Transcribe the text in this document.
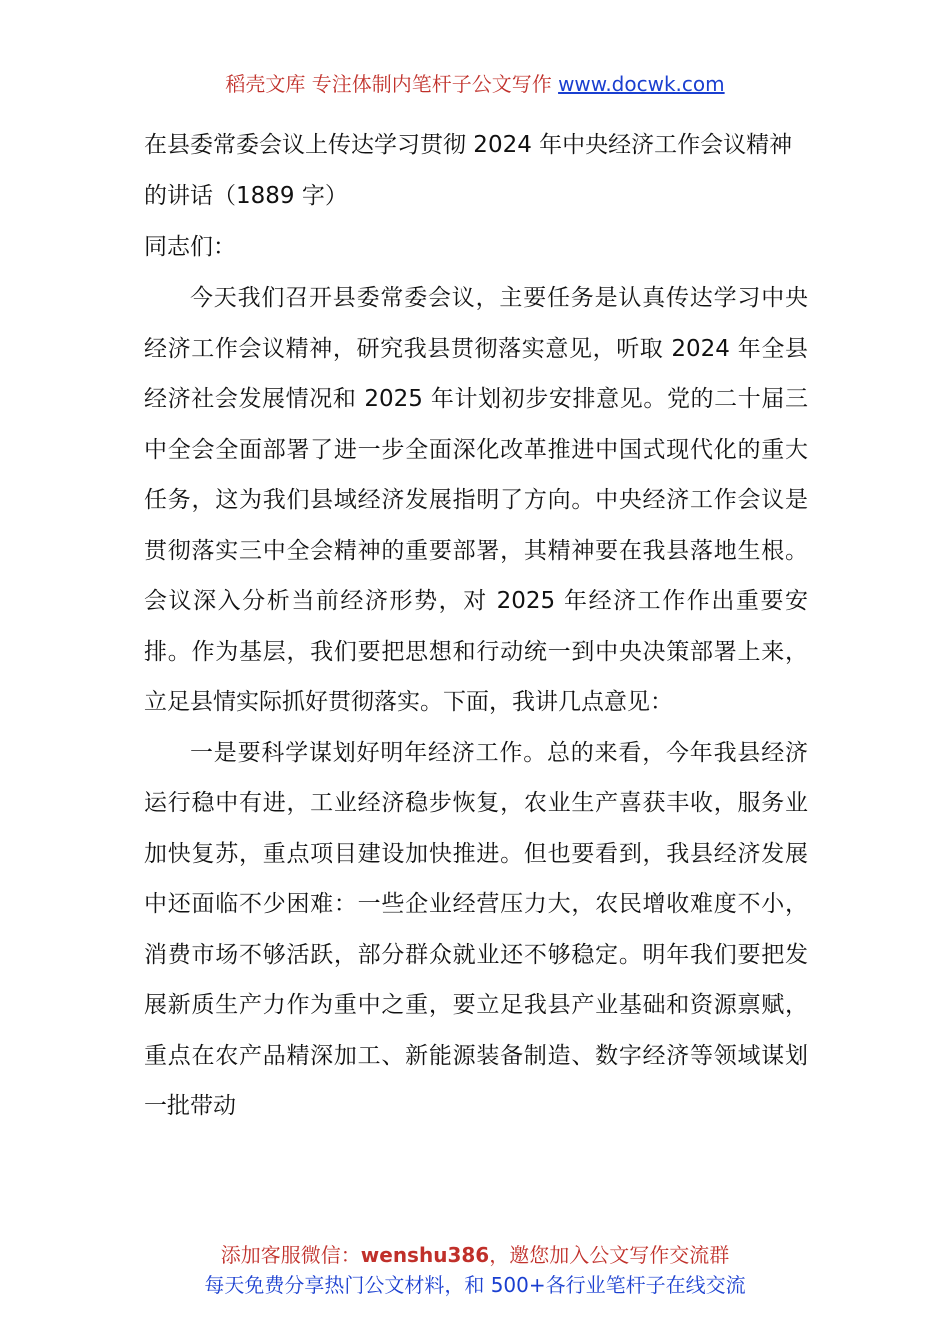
稻壳文库 专注体制内笔杆子公文写作 www.docwk.com

在县委常委会议上传达学习贯彻 2024 年中央经济工作会议精神的讲话（1889 字）

同志们：

今天我们召开县委常委会议，主要任务是认真传达学习中央经济工作会议精神，研究我县贯彻落实意见，听取 2024 年全县经济社会发展情况和 2025 年计划初步安排意见。党的二十届三中全会全面部署了进一步全面深化改革推进中国式现代化的重大任务，这为我们县域经济发展指明了方向。中央经济工作会议是贯彻落实三中全会精神的重要部署，其精神要在我县落地生根。会议深入分析当前经济形势，对 2025 年经济工作作出重要安排。作为基层，我们要把思想和行动统一到中央决策部署上来，立足县情实际抓好贯彻落实。下面，我讲几点意见：

一是要科学谋划好明年经济工作。总的来看，今年我县经济运行稳中有进，工业经济稳步恢复，农业生产喜获丰收，服务业加快复苏，重点项目建设加快推进。但也要看到，我县经济发展中还面临不少困难：一些企业经营压力大，农民增收难度不小，消费市场不够活跃，部分群众就业还不够稳定。明年我们要把发展新质生产力作为重中之重，要立足我县产业基础和资源禀赋，重点在农产品精深加工、新能源装备制造、数字经济等领域谋划一批带动

添加客服微信：wenshu386，邀您加入公文写作交流群
每天免费分享热门公文材料，和 500+各行业笔杆子在线交流
